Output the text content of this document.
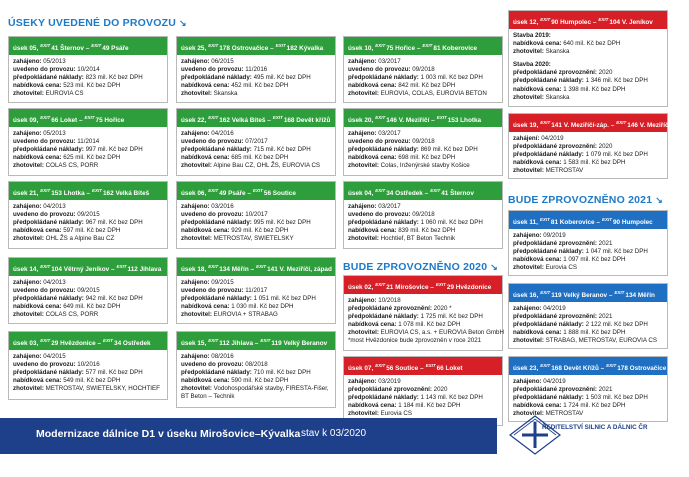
ÚSEKY UVEDENÉ DO PROVOZU ↘
BUDE ZPROVOZNĚNO 2020 ↘
BUDE ZPROVOZNĚNO 2021 ↘
úsek 05, $^{EXIT}$41 Šternov – $^{EXIT}$49 Psáře
zahájeno: 05/2013
uvedeno do provozu: 10/2014
předpokládané náklady: 823 mil. Kč bez DPH
nabídková cena: 523 mil. Kč bez DPH
zhotovitel: EUROVIA CS
úsek 09, $^{EXIT}$66 Loket – $^{EXIT}$75 Hořice
zahájeno: 05/2013
uvedeno do provozu: 11/2014
předpokládané náklady: 997 mil. Kč bez DPH
nabídková cena: 625 mil. Kč bez DPH
zhotovitel: COLAS CS, PORR
úsek 21, $^{EXIT}$153 Lhotka – $^{EXIT}$162 Velká Bíteš
zahájeno: 04/2013
uvedeno do provozu: 09/2015
předpokládané náklady: 967 mil. Kč bez DPH
nabídková cena: 597 mil. Kč bez DPH
zhotovitel: OHL ŽS a Alpine Bau CZ
úsek 14, $^{EXIT}$104 Větrný Jeníkov – $^{EXIT}$112 Jihlava
zahájeno: 04/2013
uvedeno do provozu: 09/2015
předpokládané náklady: 942 mil. Kč bez DPH
nabídková cena: 649 mil. Kč bez DPH
zhotovitel: COLAS CS, PORR
úsek 03, $^{EXIT}$29 Hvězdonice – $^{EXIT}$34 Ostředek
zahájeno: 04/2015
uvedeno do provozu: 10/2016
předpokládané náklady: 577 mil. Kč bez DPH
nabídková cena: 549 mil. Kč bez DPH
zhotovitel: METROSTAV, SWIETELSKY, HOCHTIEF
úsek 25, $^{EXIT}$178 Ostrovačice – $^{EXIT}$182 Kývalka
zahájeno: 06/2015
uvedeno do provozu: 11/2016
předpokládané náklady: 495 mil. Kč bez DPH
nabídková cena: 452 mil. Kč bez DPH
zhotovitel: Skanska
úsek 22, $^{EXIT}$162 Velká Bíteš – $^{EXIT}$168 Devět křížů
zahájeno: 04/2016
uvedeno do provozu: 07/2017
předpokládané náklady: 715 mil. Kč bez DPH
nabídková cena: 685 mil. Kč bez DPH
zhotovitel: Alpine Bau CZ, OHL ŽS, EUROVIA CS
úsek 06, $^{EXIT}$49 Psáře – $^{EXIT}$56 Soutice
zahájeno: 03/2016
uvedeno do provozu: 10/2017
předpokládané náklady: 995 mil. Kč bez DPH
nabídková cena: 929 mil. Kč bez DPH
zhotovitel: METROSTAV, SWIETELSKY
úsek 18, $^{EXIT}$134 Měřín – $^{EXIT}$141 V. Meziříčí, západ
zahájeno: 09/2015
uvedeno do provozu: 11/2017
předpokládané náklady: 1 051 mil. Kč bez DPH
nabídková cena: 1 030 mil. Kč bez DPH
zhotovitel: EUROVIA + STRABAG
úsek 15, $^{EXIT}$112 Jihlava – $^{EXIT}$119 Velký Beranov
zahájeno: 08/2016
uvedeno do provozu: 08/2018
předpokládané náklady: 710 mil. Kč bez DPH
nabídková cena: 590 mil. Kč bez DPH
zhotovitel: Vodohospodářské stavby, FIRESTA-Fišer,
BT Beton – Technik
úsek 10, $^{EXIT}$75 Hořice – $^{EXIT}$81 Koberovice
zahájeno: 03/2017
uvedeno do provozu: 09/2018
předpokládané náklady: 1 003 mil. Kč bez DPH
nabídková cena: 842 mil. Kč bez DPH
zhotovitel: EUROVIA, COLAS, EUROVIA BETON
úsek 20, $^{EXIT}$146 V. Meziříčí – $^{EXIT}$153 Lhotka
zahájeno: 03/2017
uvedeno do provozu: 09/2018
předpokládané náklady: 869 mil. Kč bez DPH
nabídková cena: 698 mil. Kč bez DPH
zhotovitel: Colas, Inženýrské stavby Košice
úsek 04, $^{EXIT}$34 Ostředek – $^{EXIT}$41 Šternov
zahájeno: 03/2017
uvedeno do provozu: 09/2018
předpokládané náklady: 1 060 mil. Kč bez DPH
nabídková cena: 839 mil. Kč bez DPH
zhotovitel: Hochtief, BT Beton Technik
úsek 02, $^{EXIT}$21 Mirošovice – $^{EXIT}$29 Hvězdonice
zahájeno: 10/2018
předpokládané zprovoznění: 2020 *
předpokládané náklady: 1 725 mil. Kč bez DPH
nabídková cena: 1 078 mil. Kč bez DPH
zhotovitel: EUROVIA CS, a.s. + EUROVIA Beton GmbH
*most Hvězdonice bude zprovozněn v roce 2021
úsek 07, $^{EXIT}$56 Soutice – $^{EXIT}$66 Loket
zahájeno: 03/2019
předpokládané zprovoznění: 2020
předpokládané náklady: 1 143 mil. Kč bez DPH
nabídková cena: 1 184 mil. Kč bez DPH
zhotovitel: Eurovia CS
úsek 12, $^{EXIT}$90 Humpolec – $^{EXIT}$104 V. Jeníkov
Stavba 2019:
nabídková cena: 640 mil. Kč bez DPH
zhotovitel: Skanska
Stavba 2020:
předpokládané zprovoznění: 2020
předpokládané náklady: 1 346 mil. Kč bez DPH
nabídková cena: 1 398 mil. Kč bez DPH
zhotovitel: Skanska
úsek 19, $^{EXIT}$141 V. Meziříčí-záp. – $^{EXIT}$146 V. Meziříčí-vých.
zahájení: 04/2019
předpokládané zprovoznění: 2020
předpokládané náklady: 1 079 mil. Kč bez DPH
nabídková cena: 1 583 mil. Kč bez DPH
zhotovitel: METROSTAV
úsek 11, $^{EXIT}$81 Koberovice – $^{EXIT}$90 Humpolec
zahájeno: 09/2019
předpokládané zprovoznění: 2021
předpokládané náklady: 1 047 mil. Kč bez DPH
nabídková cena: 1 097 mil. Kč bez DPH
zhotovitel: Eurovia CS
úsek 16, $^{EXIT}$119 Velký Beranov – $^{EXIT}$134 Měřín
zahájeno: 04/2019
předpokládané zprovoznění: 2021
předpokládané náklady: 2 122 mil. Kč bez DPH
nabídková cena: 1 888 mil. Kč bez DPH
zhotovitel: STRABAG, METROSTAV, EUROVIA CS
úsek 23, $^{EXIT}$168 Devět Křížů – $^{EXIT}$178 Ostrovačice
zahájeno: 04/2019
předpokládané zprovoznění: 2021
předpokládané náklady: 1 503 mil. Kč bez DPH
nabídková cena: 1 724 mil. Kč bez DPH
zhotovitel: METROSTAV
Modernizace dálnice D1 v úseku Mirošovice–Kývalka stav k 03/2020
ŘEDITELSTVÍ SILNIC A DÁLNIC ČR
